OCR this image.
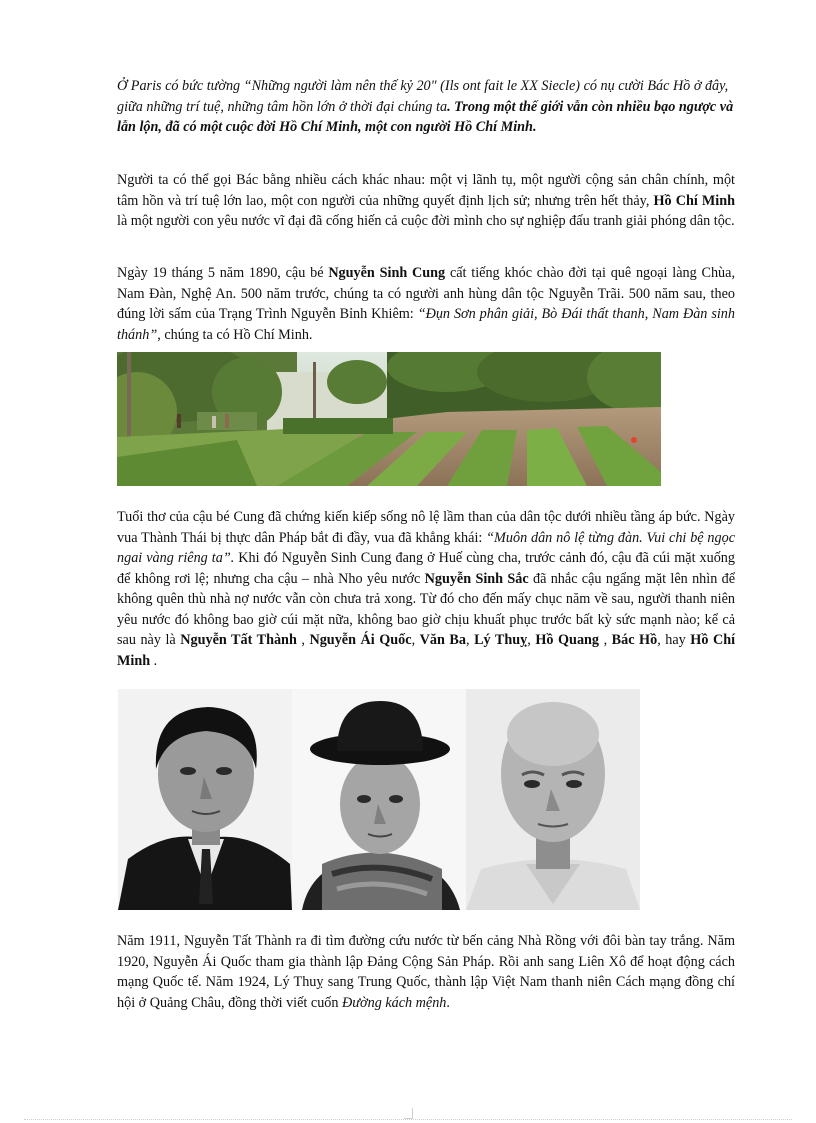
Ở Paris có bức tường “Những người làm nên thế kỷ 20" (Ils ont fait le XX Siecle) có nụ cười Bác Hồ ở đây, giữa những trí tuệ, những tâm hồn lớn ở thời đại chúng ta. Trong một thế giới vẫn còn nhiều bạo ngược và lẫn lộn, đã có một cuộc đời Hồ Chí Minh, một con người Hồ Chí Minh.

Người ta có thể gọi Bác bằng nhiều cách khác nhau: một vị lãnh tụ, một người cộng sản chân chính, một tâm hồn và trí tuệ lớn lao, một con người của những quyết định lịch sử; nhưng trên hết thảy, Hồ Chí Minh là một người con yêu nước vĩ đại đã cống hiến cả cuộc đời mình cho sự nghiệp đấu tranh giải phóng dân tộc.

Ngày 19 tháng 5 năm 1890, cậu bé Nguyễn Sinh Cung cất tiếng khóc chào đời tại quê ngoại làng Chùa, Nam Đàn, Nghệ An. 500 năm trước, chúng ta có người anh hùng dân tộc Nguyễn Trãi. 500 năm sau, theo đúng lời sấm của Trạng Trình Nguyễn Bỉnh Khiêm: “Đụn Sơn phân giải, Bò Đái thất thanh, Nam Đàn sinh thánh”, chúng ta có Hồ Chí Minh.

Tuổi thơ của cậu bé Cung đã chứng kiến kiếp sống nô lệ lầm than của dân tộc dưới nhiều tầng áp bức. Ngày vua Thành Thái bị thực dân Pháp bắt đi đầy, vua đã khẳng khái: “Muôn dân nô lệ từng đàn. Vui chi bệ ngọc ngai vàng riêng ta”. Khi đó Nguyễn Sinh Cung đang ở Huế cùng cha, trước cảnh đó, cậu đã cúi mặt xuống để không rơi lệ; nhưng cha cậu – nhà Nho yêu nước Nguyễn Sinh Sắc đã nhắc cậu ngẩng mặt lên nhìn để không quên thù nhà nợ nước vẫn còn chưa trả xong. Từ đó cho đến mấy chục năm về sau, người thanh niên yêu nước đó không bao giờ cúi mặt nữa, không bao giờ chịu khuất phục trước bất kỳ sức mạnh nào; kể cả sau này là Nguyễn Tất Thành , Nguyễn Ái Quốc, Văn Ba, Lý Thuỵ, Hồ Quang , Bác Hồ, hay Hồ Chí Minh .

Năm 1911, Nguyễn Tất Thành ra đi tìm đường cứu nước từ bến cảng Nhà Rồng với đôi bàn tay trắng. Năm 1920, Nguyễn Ái Quốc tham gia thành lập Đảng Cộng Sản Pháp. Rồi anh sang Liên Xô để hoạt động cách mạng Quốc tế. Năm 1924, Lý Thuỵ sang Trung Quốc, thành lập Việt Nam thanh niên Cách mạng đồng chí hội ở Quảng Châu, đồng thời viết cuốn Đường kách mệnh.
